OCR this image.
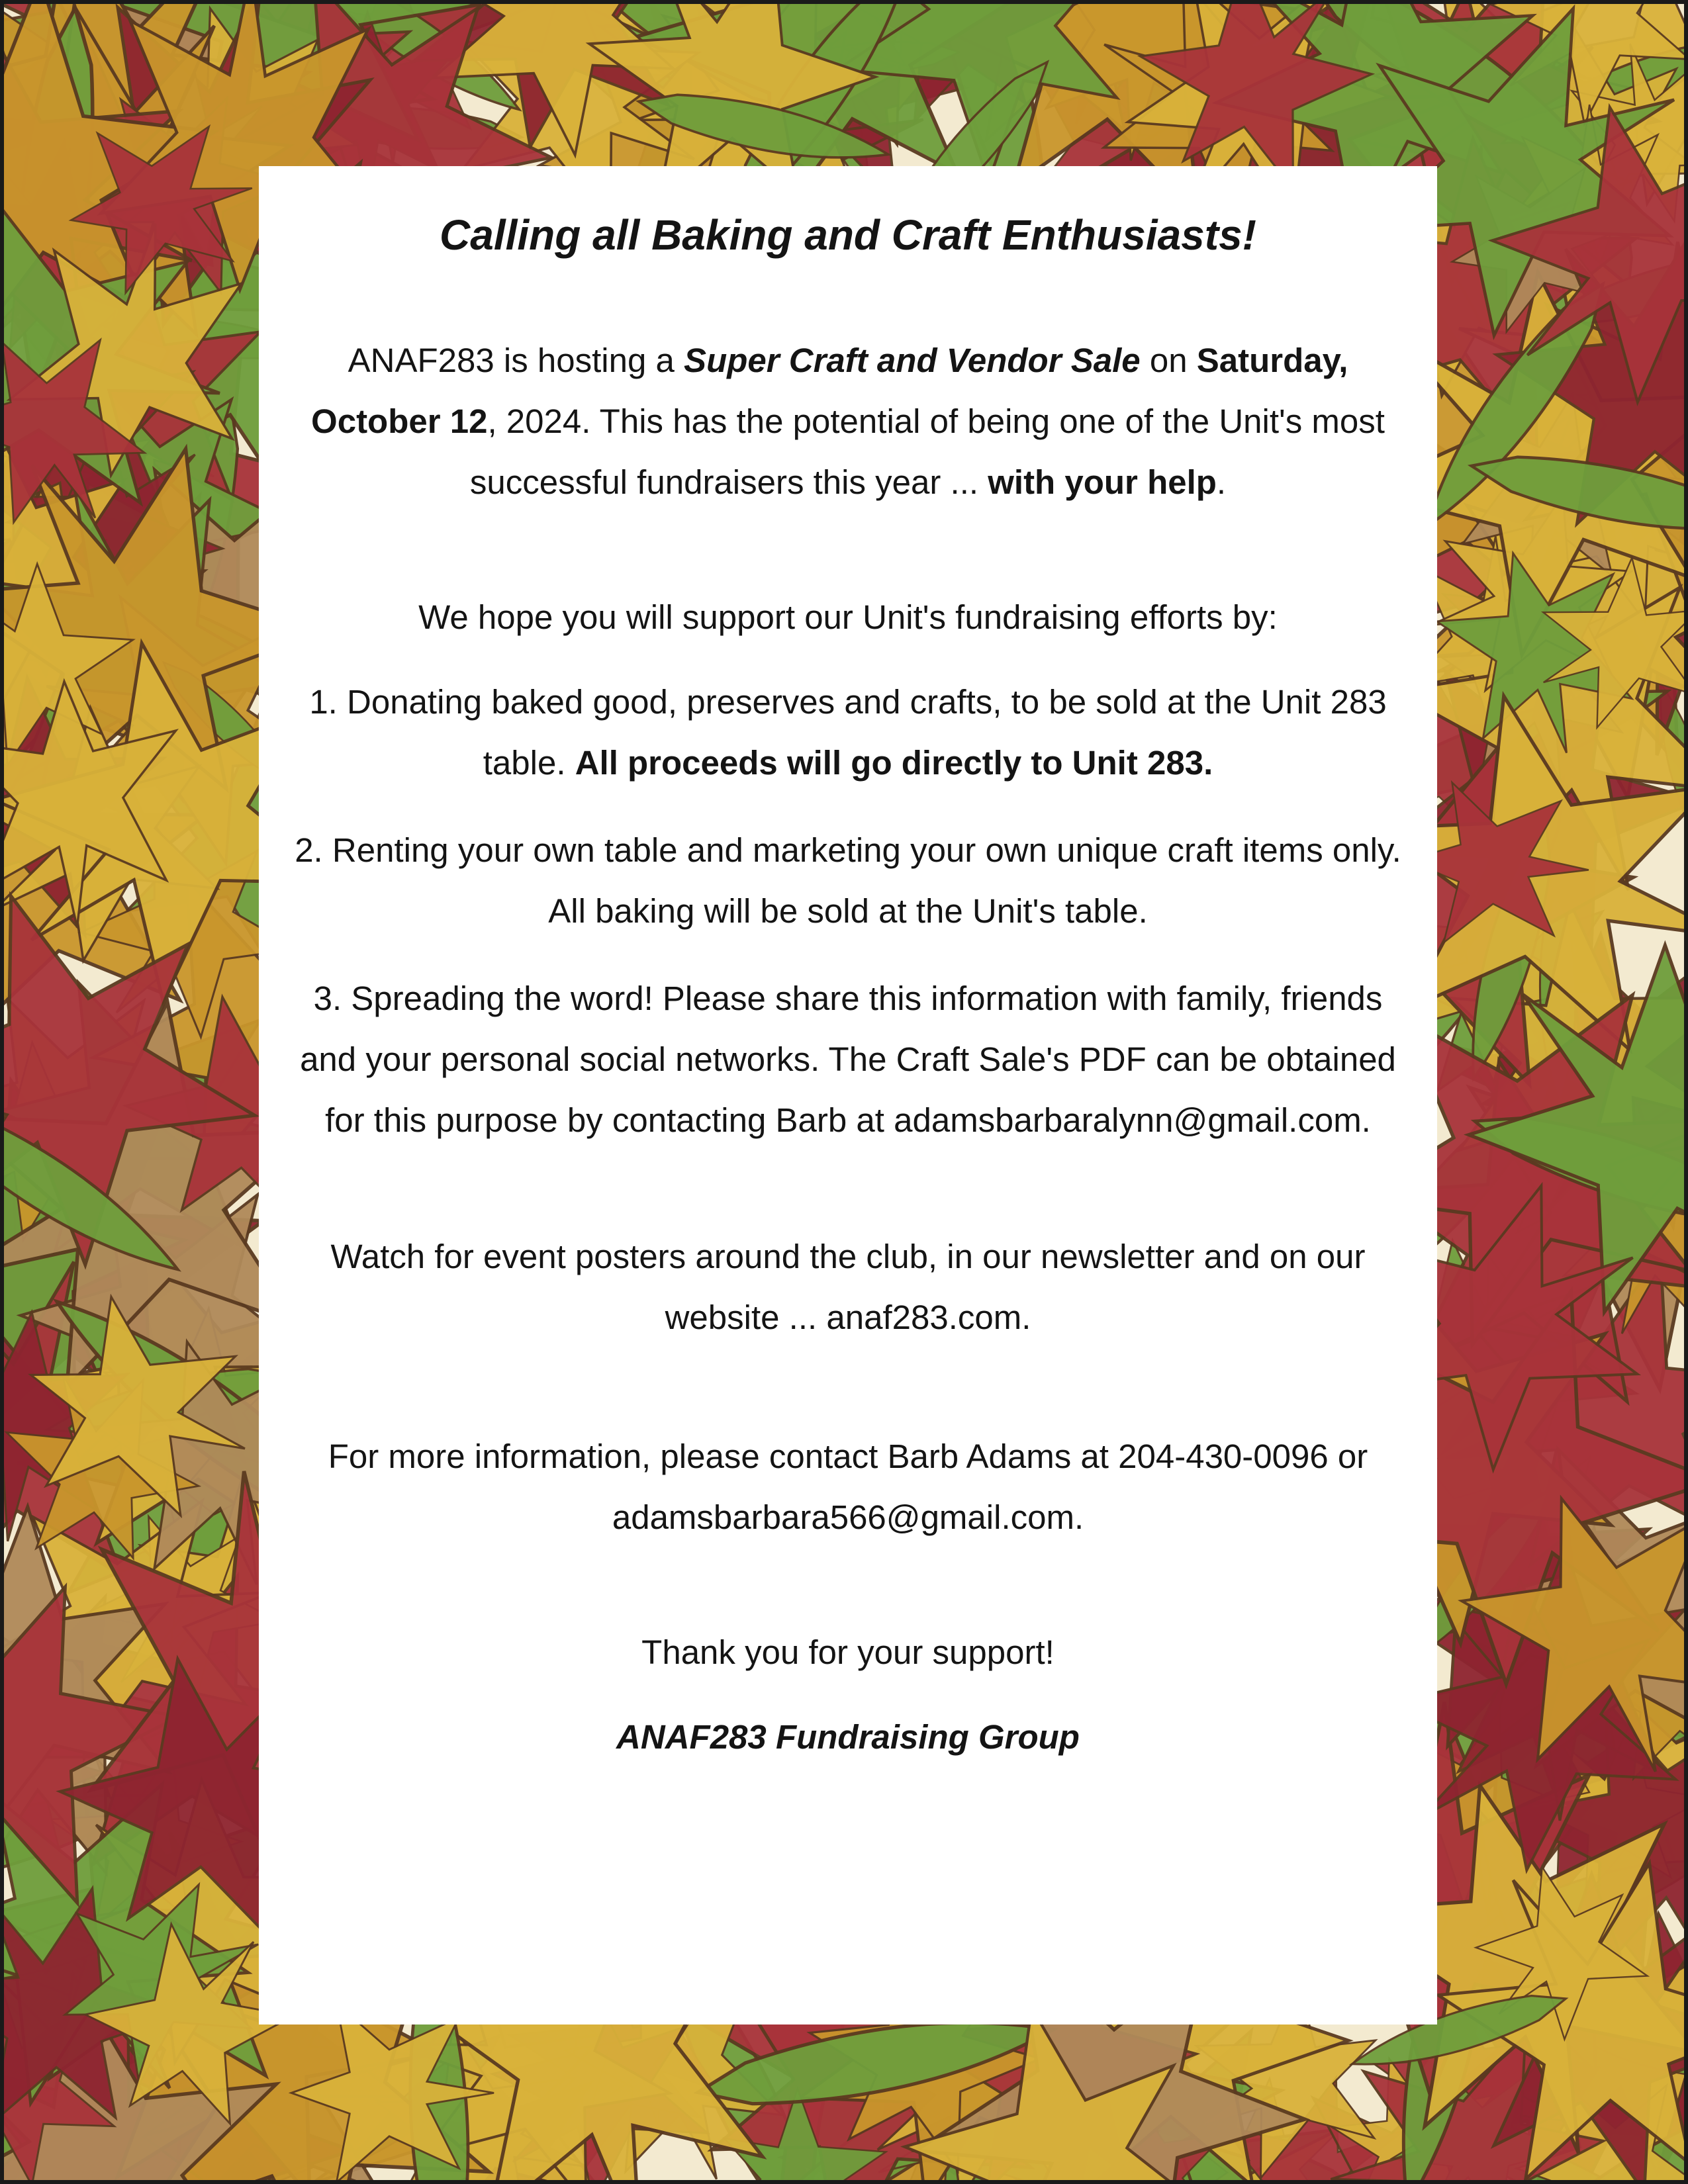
Calling all Baking and Craft Enthusiasts!

ANAF283 is hosting a Super Craft and Vendor Sale on Saturday, October 12, 2024. This has the potential of being one of the Unit's most successful fundraisers this year ... with your help.

We hope you will support our Unit's fundraising efforts by:

1. Donating baked good, preserves and crafts, to be sold at the Unit 283 table. All proceeds will go directly to Unit 283.

2. Renting your own table and marketing your own unique craft items only. All baking will be sold at the Unit's table.

3. Spreading the word! Please share this information with family, friends and your personal social networks. The Craft Sale's PDF can be obtained for this purpose by contacting Barb at adamsbarbaralynn@gmail.com.

Watch for event posters around the club, in our newsletter and on our website ... anaf283.com.

For more information, please contact Barb Adams at 204-430-0096 or adamsbarbara566@gmail.com.

Thank you for your support!

ANAF283 Fundraising Group
